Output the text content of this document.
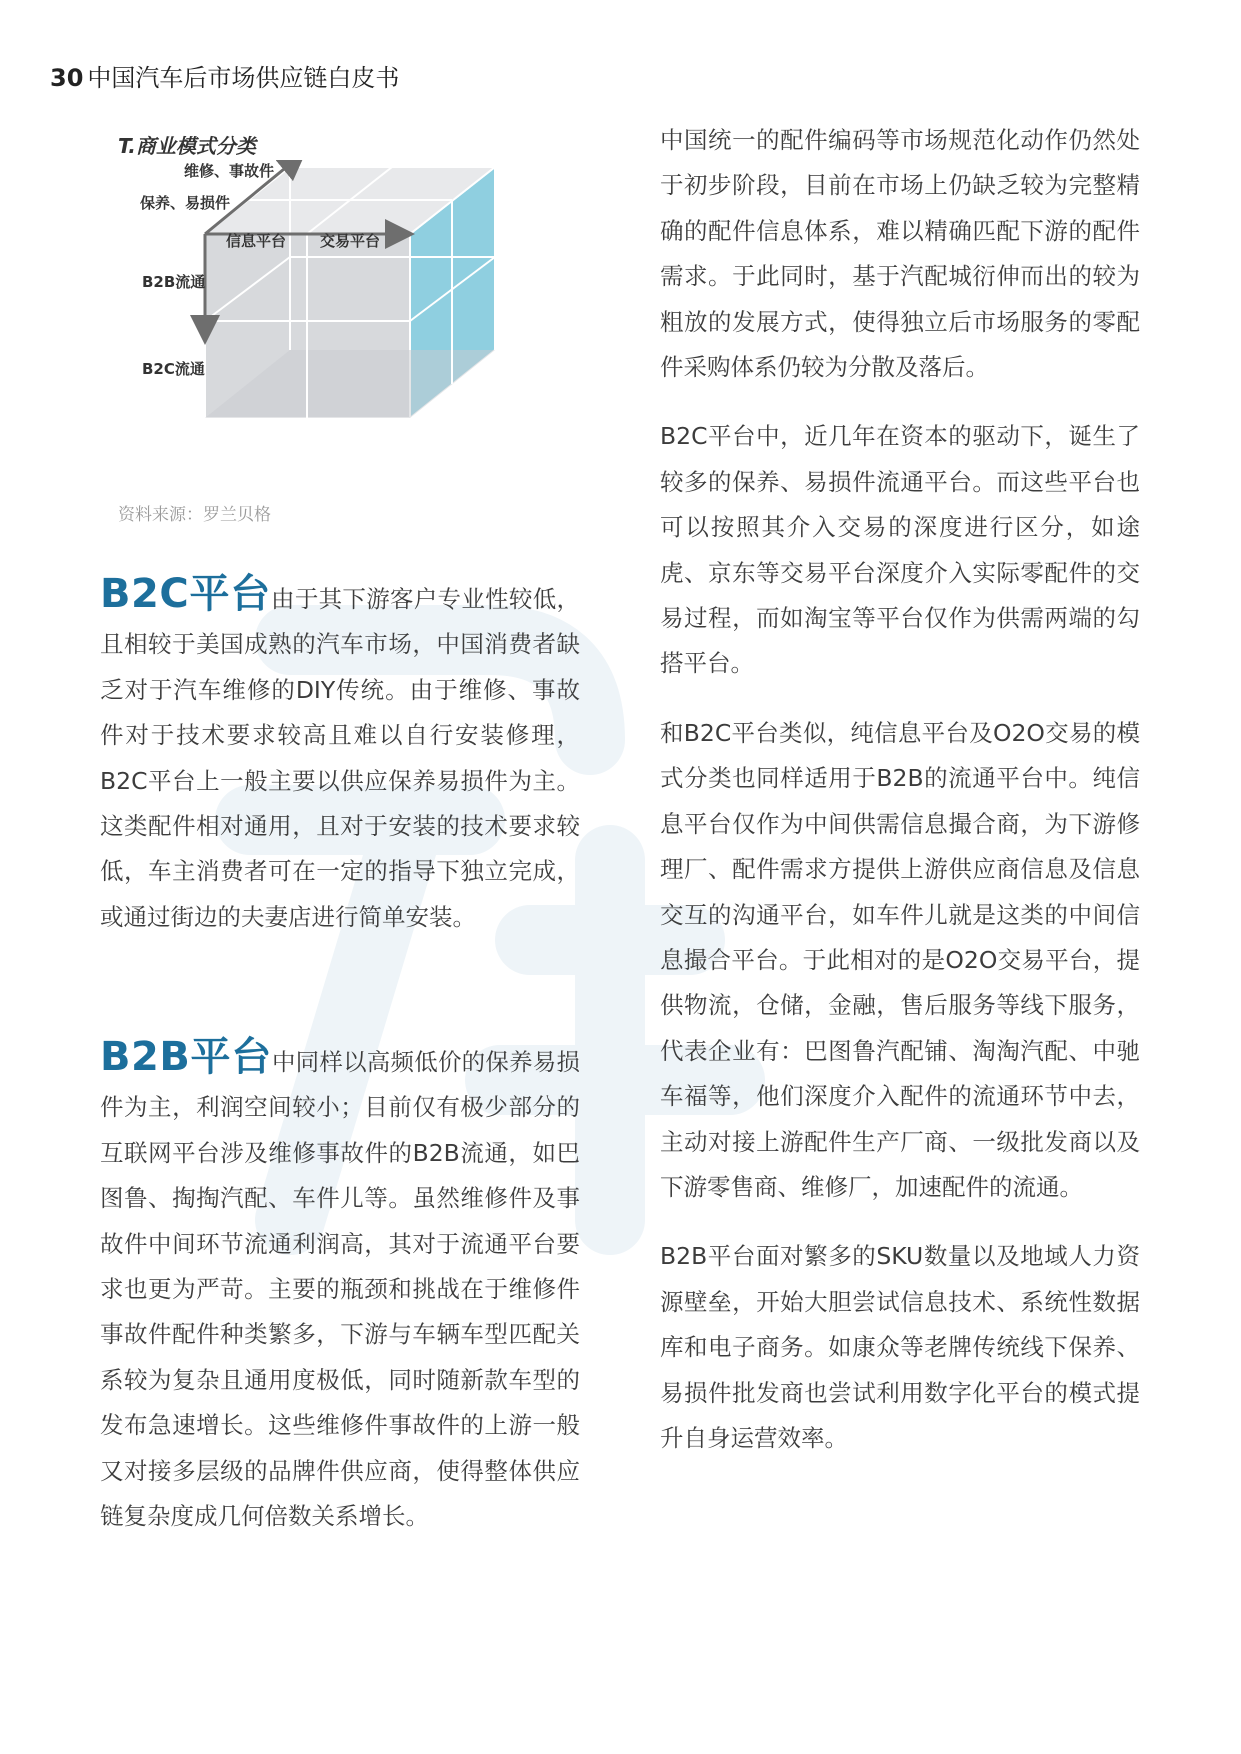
30 中国汽车后市场供应链白皮书
T.商业模式分类
维修、事故件
保养、易损件
信息平台 交易平台
B2B流通
B2C流通
资料来源：罗兰贝格

B2C平台由于其下游客户专业性较低，且相较于美国成熟的汽车市场，中国消费者缺乏对于汽车维修的DIY传统。由于维修、事故件对于技术要求较高且难以自行安装修理，B2C平台上一般主要以供应保养易损件为主。这类配件相对通用，且对于安装的技术要求较低，车主消费者可在一定的指导下独立完成，或通过街边的夫妻店进行简单安装。

B2B平台中同样以高频低价的保养易损件为主，利润空间较小；目前仅有极少部分的互联网平台涉及维修事故件的B2B流通，如巴图鲁、掏掏汽配、车件儿等。虽然维修件及事故件中间环节流通利润高，其对于流通平台要求也更为严苛。主要的瓶颈和挑战在于维修件事故件配件种类繁多，下游与车辆车型匹配关系较为复杂且通用度极低，同时随新款车型的发布急速增长。这些维修件事故件的上游一般又对接多层级的品牌件供应商，使得整体供应链复杂度成几何倍数关系增长。

中国统一的配件编码等市场规范化动作仍然处于初步阶段，目前在市场上仍缺乏较为完整精确的配件信息体系，难以精确匹配下游的配件需求。于此同时，基于汽配城衍伸而出的较为粗放的发展方式，使得独立后市场服务的零配件采购体系仍较为分散及落后。

B2C平台中，近几年在资本的驱动下，诞生了较多的保养、易损件流通平台。而这些平台也可以按照其介入交易的深度进行区分，如途虎、京东等交易平台深度介入实际零配件的交易过程，而如淘宝等平台仅作为供需两端的勾搭平台。

和B2C平台类似，纯信息平台及O2O交易的模式分类也同样适用于B2B的流通平台中。纯信息平台仅作为中间供需信息撮合商，为下游修理厂、配件需求方提供上游供应商信息及信息交互的沟通平台，如车件儿就是这类的中间信息撮合平台。于此相对的是O2O交易平台，提供物流，仓储，金融，售后服务等线下服务，代表企业有：巴图鲁汽配铺、淘淘汽配、中驰车福等，他们深度介入配件的流通环节中去，主动对接上游配件生产厂商、一级批发商以及下游零售商、维修厂，加速配件的流通。

B2B平台面对繁多的SKU数量以及地域人力资源壁垒，开始大胆尝试信息技术、系统性数据库和电子商务。如康众等老牌传统线下保养、易损件批发商也尝试利用数字化平台的模式提升自身运营效率。
